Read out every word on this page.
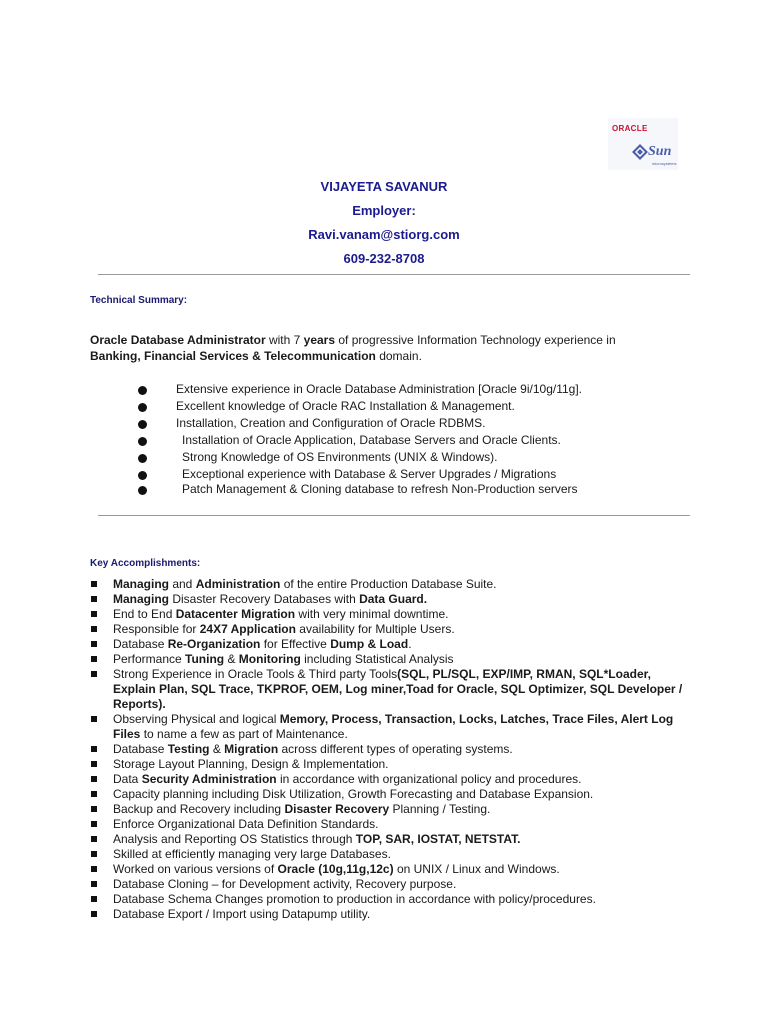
ORACLE
Sun
microsystems
VIJAYETA SAVANUR
Employer:
Ravi.vanam@stiorg.com
609-232-8708
Technical Summary:
Oracle Database Administrator with 7 years of progressive Information Technology experience in
Banking, Financial Services & Telecommunication domain.
Extensive experience in Oracle Database Administration [Oracle 9i/10g/11g].
Excellent knowledge of Oracle RAC Installation & Management.
Installation, Creation and Configuration of Oracle RDBMS.
Installation of Oracle Application, Database Servers and Oracle Clients.
Strong Knowledge of OS Environments (UNIX & Windows).
Exceptional experience with Database & Server Upgrades / Migrations
Patch Management & Cloning database to refresh Non-Production servers
Key Accomplishments:
Managing and Administration of the entire Production Database Suite.
Managing Disaster Recovery Databases with Data Guard.
End to End Datacenter Migration with very minimal downtime.
Responsible for 24X7 Application availability for Multiple Users.
Database Re-Organization for Effective Dump & Load.
Performance Tuning & Monitoring including Statistical Analysis
Strong Experience in Oracle Tools & Third party Tools(SQL, PL/SQL, EXP/IMP, RMAN, SQL*Loader, Explain Plan, SQL Trace, TKPROF, OEM, Log miner,Toad for Oracle, SQL Optimizer, SQL Developer / Reports).
Observing Physical and logical Memory, Process, Transaction, Locks, Latches, Trace Files, Alert Log Files to name a few as part of Maintenance.
Database Testing & Migration across different types of operating systems.
Storage Layout Planning, Design & Implementation.
Data Security Administration in accordance with organizational policy and procedures.
Capacity planning including Disk Utilization, Growth Forecasting and Database Expansion.
Backup and Recovery including Disaster Recovery Planning / Testing.
Enforce Organizational Data Definition Standards.
Analysis and Reporting OS Statistics through TOP, SAR, IOSTAT, NETSTAT.
Skilled at efficiently managing very large Databases.
Worked on various versions of Oracle (10g,11g,12c) on UNIX / Linux and Windows.
Database Cloning – for Development activity, Recovery purpose.
Database Schema Changes promotion to production in accordance with policy/procedures.
Database Export / Import using Datapump utility.
